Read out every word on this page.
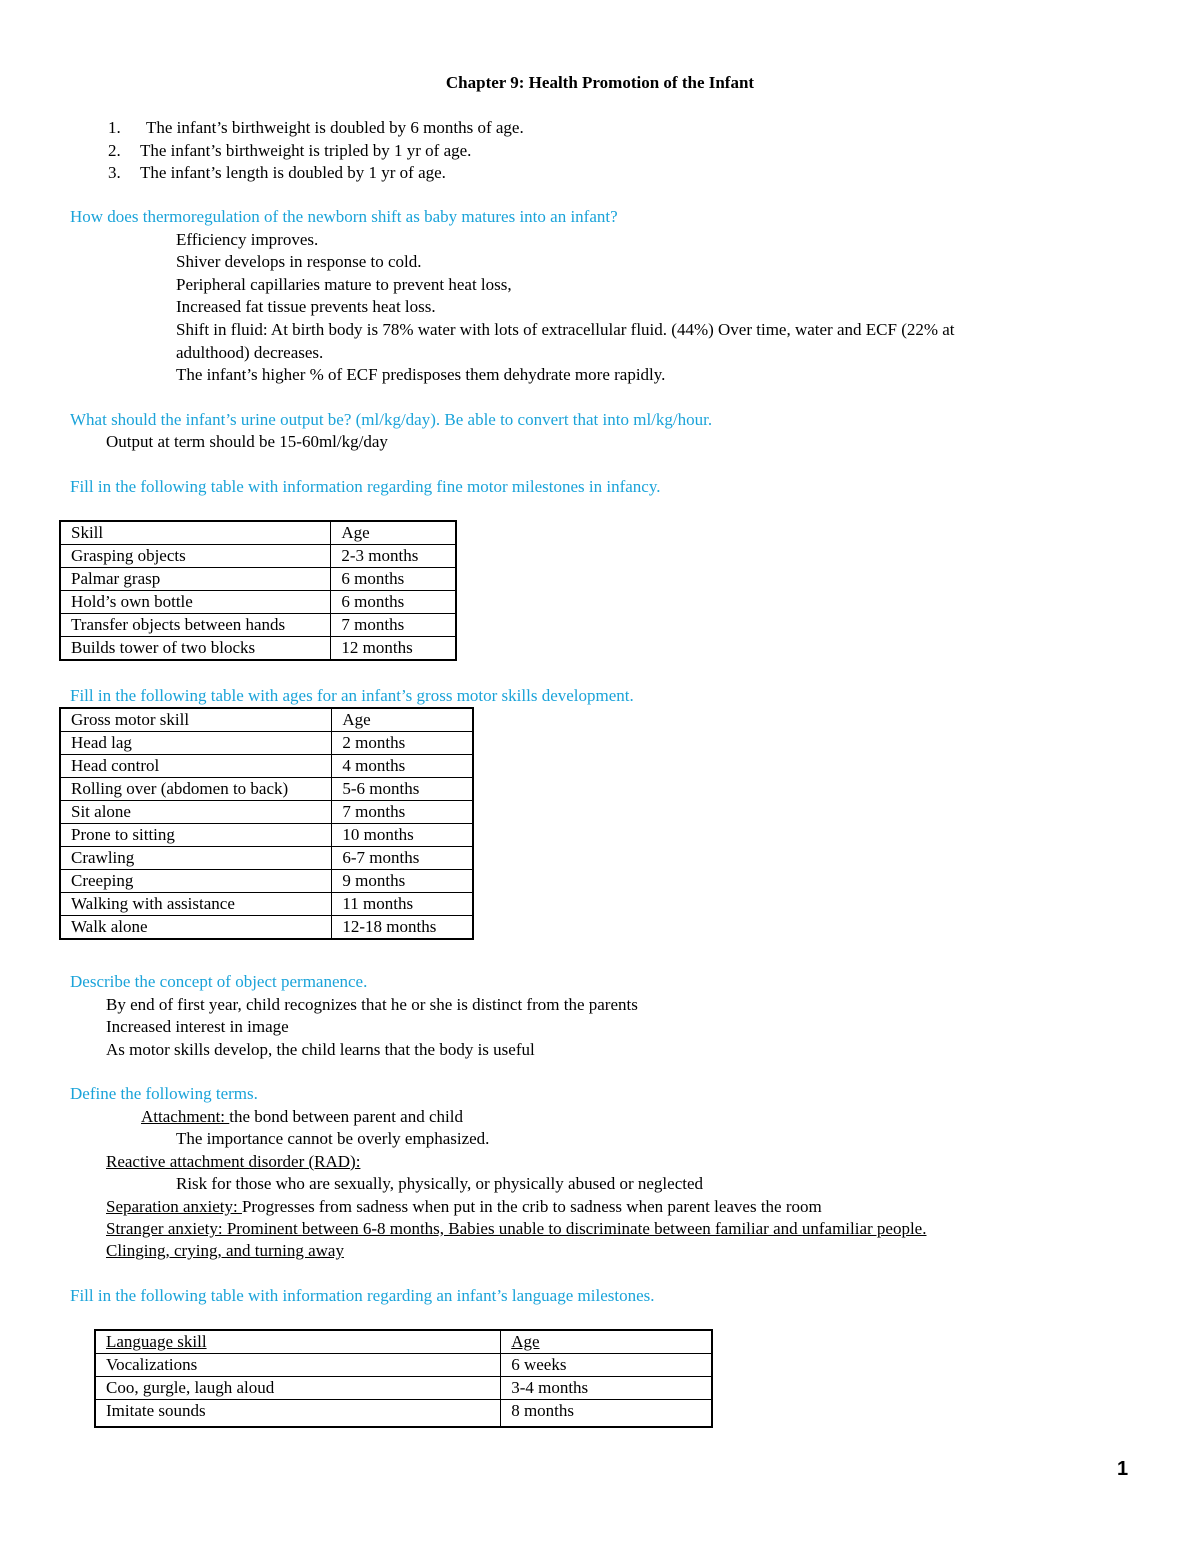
Chapter 9: Health Promotion of the Infant
1. The infant’s birthweight is doubled by 6 months of age.
2. The infant’s birthweight is tripled by 1 yr of age.
3. The infant’s length is doubled by 1 yr of age.
How does thermoregulation of the newborn shift as baby matures into an infant?
Efficiency improves.
Shiver develops in response to cold.
Peripheral capillaries mature to prevent heat loss,
Increased fat tissue prevents heat loss.
Shift in fluid: At birth body is 78% water with lots of extracellular fluid. (44%) Over time, water and ECF (22% at
adulthood) decreases.
The infant’s higher % of ECF predisposes them dehydrate more rapidly.
What should the infant’s urine output be? (ml/kg/day). Be able to convert that into ml/kg/hour.
Output at term should be 15-60ml/kg/day
Fill in the following table with information regarding fine motor milestones in infancy.
Skill	Age
Grasping objects	2-3 months
Palmar grasp	6 months
Hold’s own bottle	6 months
Transfer objects between hands	7 months
Builds tower of two blocks	12 months
Fill in the following table with ages for an infant’s gross motor skills development.
Gross motor skill	Age
Head lag	2 months
Head control	4 months
Rolling over (abdomen to back)	5-6 months
Sit alone	7 months
Prone to sitting	10 months
Crawling	6-7 months
Creeping	9 months
Walking with assistance	11 months
Walk alone	12-18 months
Describe the concept of object permanence.
By end of first year, child recognizes that he or she is distinct from the parents
Increased interest in image
As motor skills develop, the child learns that the body is useful
Define the following terms.
Attachment: the bond between parent and child
The importance cannot be overly emphasized.
Reactive attachment disorder (RAD):
Risk for those who are sexually, physically, or physically abused or neglected
Separation anxiety: Progresses from sadness when put in the crib to sadness when parent leaves the room
Stranger anxiety: Prominent between 6-8 months, Babies unable to discriminate between familiar and unfamiliar people.
Clinging, crying, and turning away
Fill in the following table with information regarding an infant’s language milestones.
Language skill	Age
Vocalizations	6 weeks
Coo, gurgle, laugh aloud	3-4 months
Imitate sounds	8 months
1
